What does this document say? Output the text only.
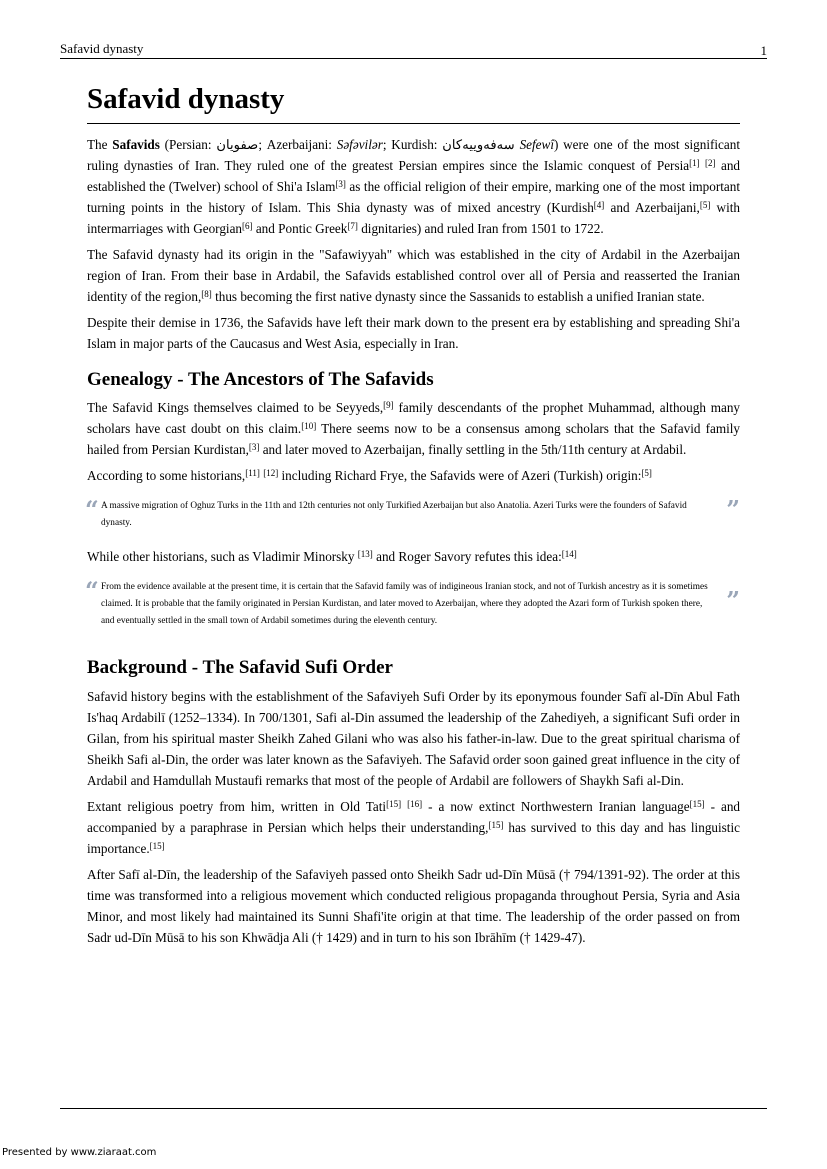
Safavid dynasty	1
Safavid dynasty

The Safavids (Persian: صفویان; Azerbaijani: Səfəvilər; Kurdish: سەفەوییەکان Sefewî) were one of the most significant ruling dynasties of Iran. They ruled one of the greatest Persian empires since the Islamic conquest of Persia[1] [2] and established the (Twelver) school of Shi'a Islam[3] as the official religion of their empire, marking one of the most important turning points in the history of Islam. This Shia dynasty was of mixed ancestry (Kurdish[4] and Azerbaijani,[5] with intermarriages with Georgian[6] and Pontic Greek[7] dignitaries) and ruled Iran from 1501 to 1722.

The Safavid dynasty had its origin in the "Safawiyyah" which was established in the city of Ardabil in the Azerbaijan region of Iran. From their base in Ardabil, the Safavids established control over all of Persia and reasserted the Iranian identity of the region,[8] thus becoming the first native dynasty since the Sassanids to establish a unified Iranian state.

Despite their demise in 1736, the Safavids have left their mark down to the present era by establishing and spreading Shi'a Islam in major parts of the Caucasus and West Asia, especially in Iran.

Genealogy - The Ancestors of The Safavids

The Safavid Kings themselves claimed to be Seyyeds,[9] family descendants of the prophet Muhammad, although many scholars have cast doubt on this claim.[10] There seems now to be a consensus among scholars that the Safavid family hailed from Persian Kurdistan,[3] and later moved to Azerbaijan, finally settling in the 5th/11th century at Ardabil.

According to some historians,[11] [12] including Richard Frye, the Safavids were of Azeri (Turkish) origin:[5]

“ A massive migration of Oghuz Turks in the 11th and 12th centuries not only Turkified Azerbaijan but also Anatolia. Azeri Turks were the founders of Safavid dynasty.	”

While other historians, such as Vladimir Minorsky [13] and Roger Savory refutes this idea:[14]

“ From the evidence available at the present time, it is certain that the Safavid family was of indigineous Iranian stock, and not of Turkish ancestry as it is sometimes claimed. It is probable that the family originated in Persian Kurdistan, and later moved to Azerbaijan, where they adopted the Azari form of Turkish spoken there, and eventually settled in the small town of Ardabil sometimes during the eleventh century.

”
Background - The Safavid Sufi Order

Safavid history begins with the establishment of the Safaviyeh Sufi Order by its eponymous founder Safī al-Dīn Abul Fath Is'haq Ardabilī (1252–1334). In 700/1301, Safi al-Din assumed the leadership of the Zahediyeh, a significant Sufi order in Gilan, from his spiritual master Sheikh Zahed Gilani who was also his father-in-law. Due to the great spiritual charisma of Sheikh Safi al-Din, the order was later known as the Safaviyeh. The Safavid order soon gained great influence in the city of Ardabil and Hamdullah Mustaufi remarks that most of the people of Ardabil are followers of Shaykh Safi al-Din.

Extant religious poetry from him, written in Old Tati[15] [16] - a now extinct Northwestern Iranian language[15] - and accompanied by a paraphrase in Persian which helps their understanding,[15] has survived to this day and has linguistic importance.[15]

After Safī al-Dīn, the leadership of the Safaviyeh passed onto Sheikh Sadr ud-Dīn Mūsā († 794/1391-92). The order at this time was transformed into a religious movement which conducted religious propaganda throughout Persia, Syria and Asia Minor, and most likely had maintained its Sunni Shafi'ite origin at that time. The leadership of the order passed on from Sadr ud-Dīn Mūsā to his son Khwādja Ali († 1429) and in turn to his son Ibrāhīm († 1429-47).

Presented by www.ziaraat.com
